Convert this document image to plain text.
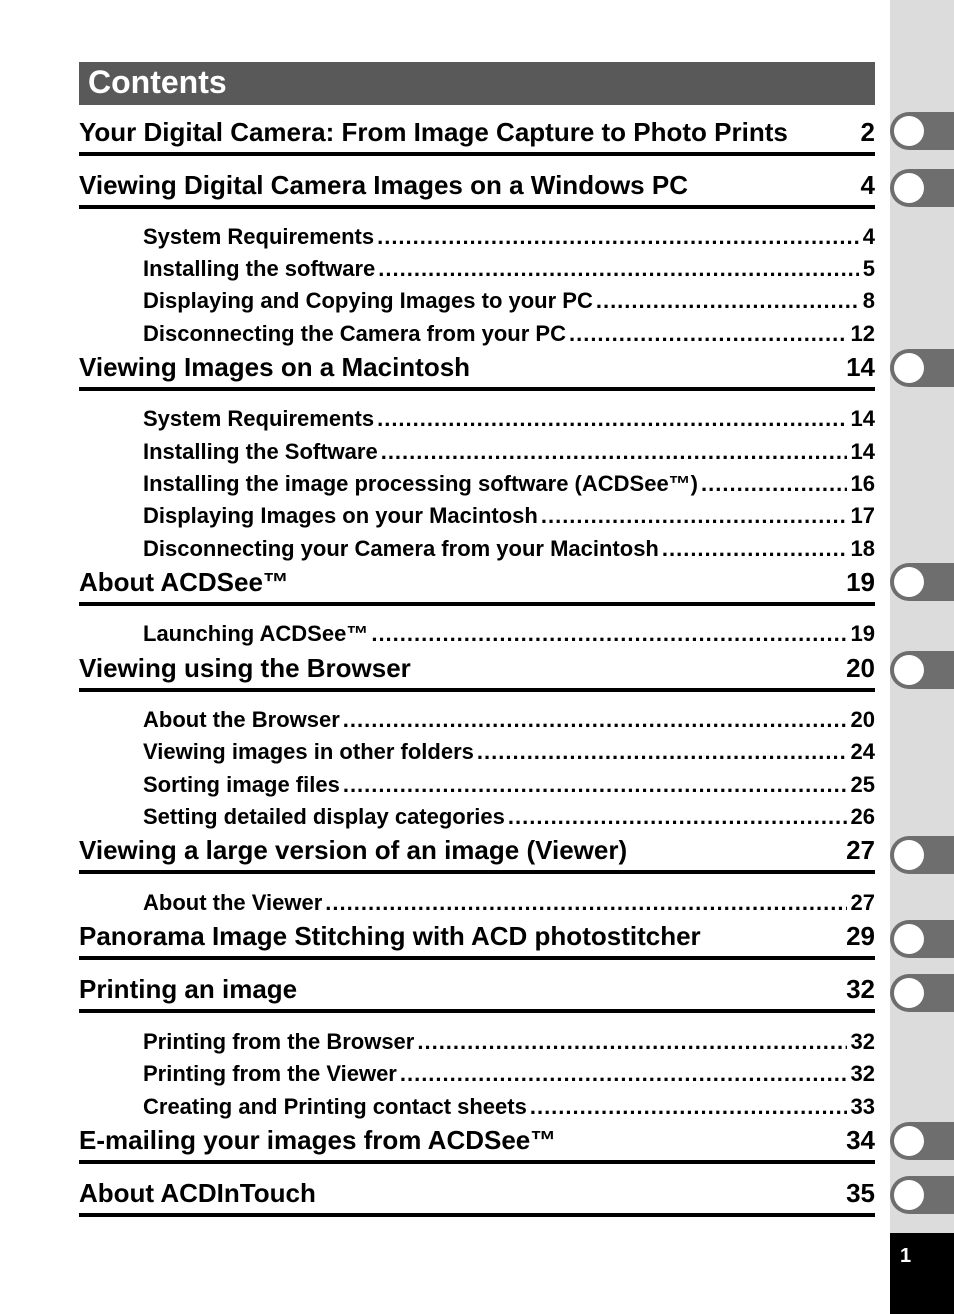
1
Contents
Your Digital Camera: From Image Capture to Photo Prints	2
Viewing Digital Camera Images on a Windows PC	4
System Requirements .....	4
Installing the software .....	5
Displaying and Copying Images to your PC .....	8
Disconnecting the Camera from your PC .....	12
Viewing Images on a Macintosh	14
System Requirements .....	14
Installing the Software .....	14
Installing the image processing software (ACDSee™) .....	16
Displaying Images on your Macintosh .....	17
Disconnecting your Camera from your Macintosh .....	18
About ACDSee™	19
Launching ACDSee™ .....	19
Viewing using the Browser	20
About the Browser .....	20
Viewing images in other folders .....	24
Sorting image files .....	25
Setting detailed display categories .....	26
Viewing a large version of an image (Viewer)	27
About the Viewer .....	27
Panorama Image Stitching with ACD photostitcher	29
Printing an image	32
Printing from the Browser .....	32
Printing from the Viewer .....	32
Creating and Printing contact sheets .....	33
E-mailing your images from ACDSee™	34
About ACDInTouch	35
